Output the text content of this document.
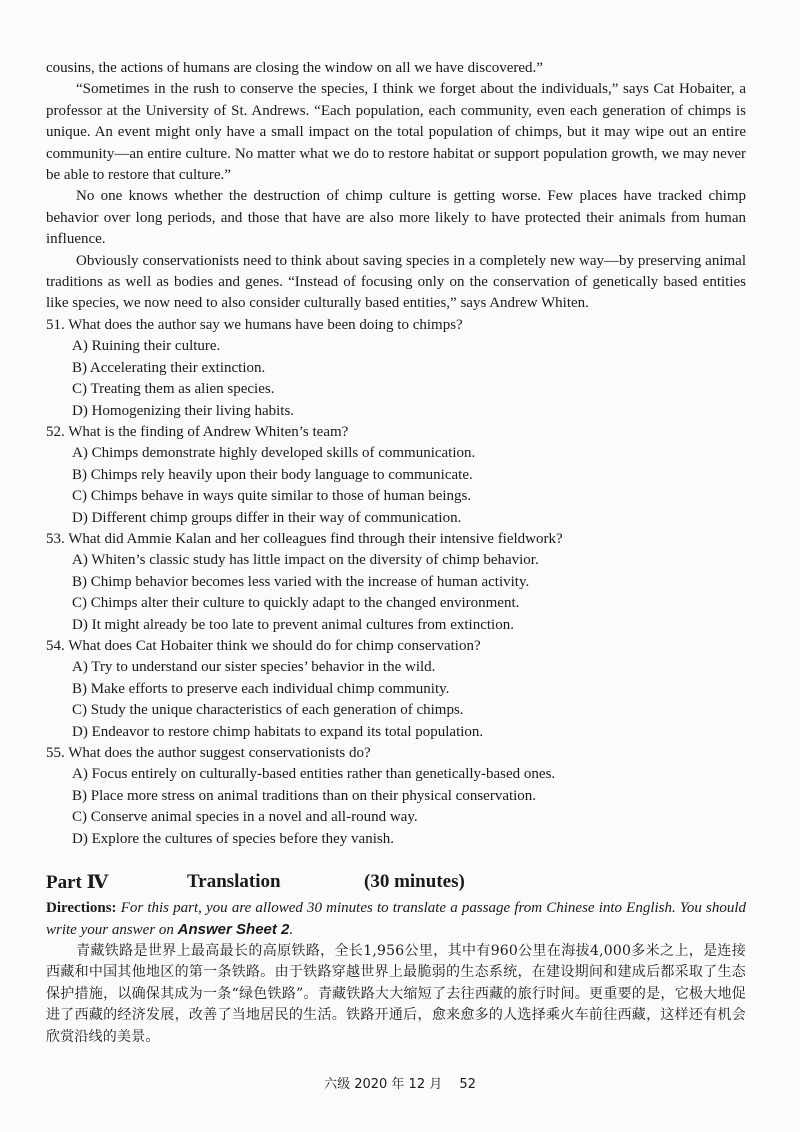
cousins, the actions of humans are closing the window on all we have discovered.”

“Sometimes in the rush to conserve the species, I think we forget about the individuals,” says Cat Hobaiter, a professor at the University of St. Andrews. “Each population, each community, even each generation of chimps is unique. An event might only have a small impact on the total population of chimps, but it may wipe out an entire community—an entire culture. No matter what we do to restore habitat or support population growth, we may never be able to restore that culture.”

No one knows whether the destruction of chimp culture is getting worse. Few places have tracked chimp behavior over long periods, and those that have are also more likely to have protected their animals from human influence.

Obviously conservationists need to think about saving species in a completely new way—by preserving animal traditions as well as bodies and genes. “Instead of focusing only on the conservation of genetically based entities like species, we now need to also consider culturally based entities,” says Andrew Whiten.

51. What does the author say we humans have been doing to chimps?
A) Ruining their culture.
B) Accelerating their extinction.
C) Treating them as alien species.
D) Homogenizing their living habits.
52. What is the finding of Andrew Whiten’s team?
A) Chimps demonstrate highly developed skills of communication.
B) Chimps rely heavily upon their body language to communicate.
C) Chimps behave in ways quite similar to those of human beings.
D) Different chimp groups differ in their way of communication.
53. What did Ammie Kalan and her colleagues find through their intensive fieldwork?
A) Whiten’s classic study has little impact on the diversity of chimp behavior.
B) Chimp behavior becomes less varied with the increase of human activity.
C) Chimps alter their culture to quickly adapt to the changed environment.
D) It might already be too late to prevent animal cultures from extinction.
54. What does Cat Hobaiter think we should do for chimp conservation?
A) Try to understand our sister species’ behavior in the wild.
B) Make efforts to preserve each individual chimp community.
C) Study the unique characteristics of each generation of chimps.
D) Endeavor to restore chimp habitats to expand its total population.
55. What does the author suggest conservationists do?
A) Focus entirely on culturally-based entities rather than genetically-based ones.
B) Place more stress on animal traditions than on their physical conservation.
C) Conserve animal species in a novel and all-round way.
D) Explore the cultures of species before they vanish.
Part Ⅳ	Translation	(30 minutes)
Directions: For this part, you are allowed 30 minutes to translate a passage from Chinese into English. You should write your answer on Answer Sheet 2.
青藏铁路是世界上最高最长的高原铁路，全长1,956公里，其中有960公里在海拔4,000多米之上，是连接西藏和中国其他地区的第一条铁路。由于铁路穿越世界上最脆弱的生态系统，在建设期间和建成后都采取了生态保护措施，以确保其成为一条“绿色铁路”。青藏铁路大大缩短了去往西藏的旅行时间。更重要的是，它极大地促进了西藏的经济发展，改善了当地居民的生活。铁路开通后，愈来愈多的人选择乘火车前往西藏，这样还有机会欣赏沿线的美景。
六级 2020 年 12 月　 52
